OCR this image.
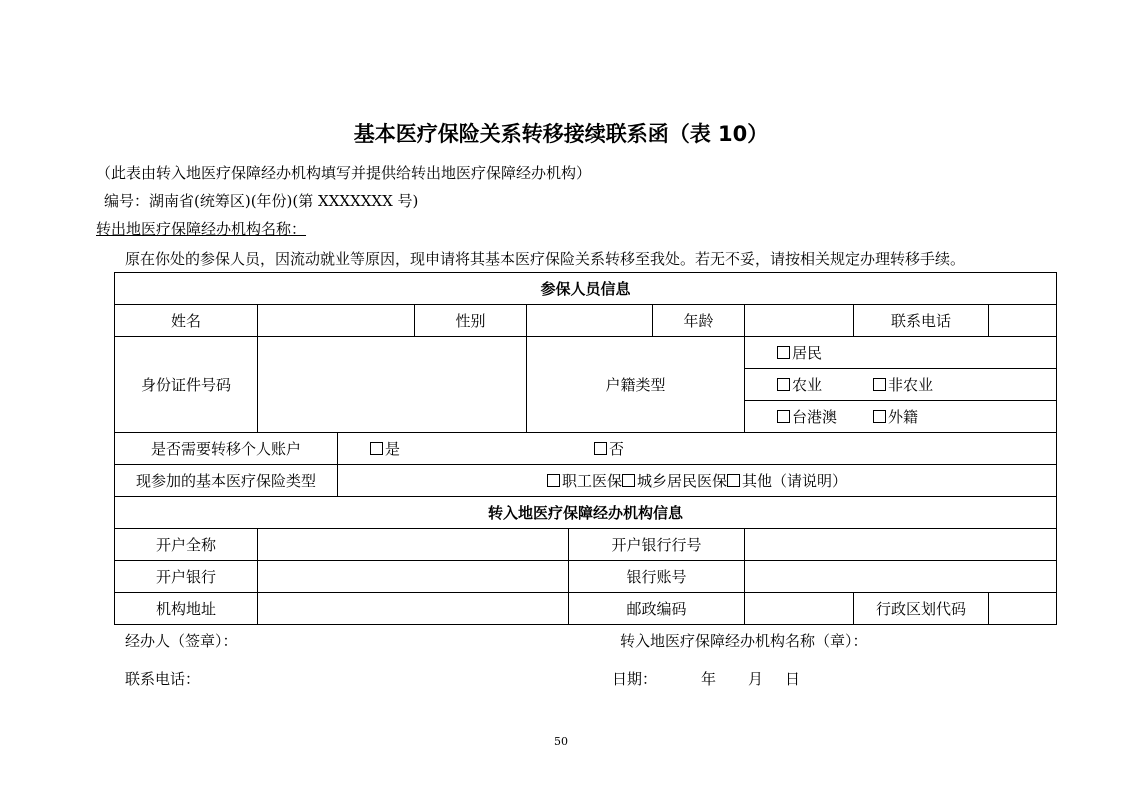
基本医疗保险关系转移接续联系函（表 10）
（此表由转入地医疗保障经办机构填写并提供给转出地医疗保障经办机构）
编号：湖南省(统筹区)(年份)(第 XXXXXXX 号)
转出地医疗保障经办机构名称：
原在你处的参保人员，因流动就业等原因，现申请将其基本医疗保险关系转移至我处。若无不妥，请按相关规定办理转移手续。
参保人员信息									
姓名			性别			年龄		联系电话	
身份证件号码				户籍类型			居民		
							农业 非农业		
							台港澳 外籍		
是否需要转移个人账户		是 否							
现参加的基本医疗保险类型		职工医保 城乡居民医保 其他（请说明）							
转入地医疗保障经办机构信息									
开户全称					开户银行行号				
开户银行					银行账号				
机构地址					邮政编码			行政区划代码	
经办人（签章）：	转入地医疗保障经办机构名称（章）：
联系电话：	日期：	年 月 日
50
